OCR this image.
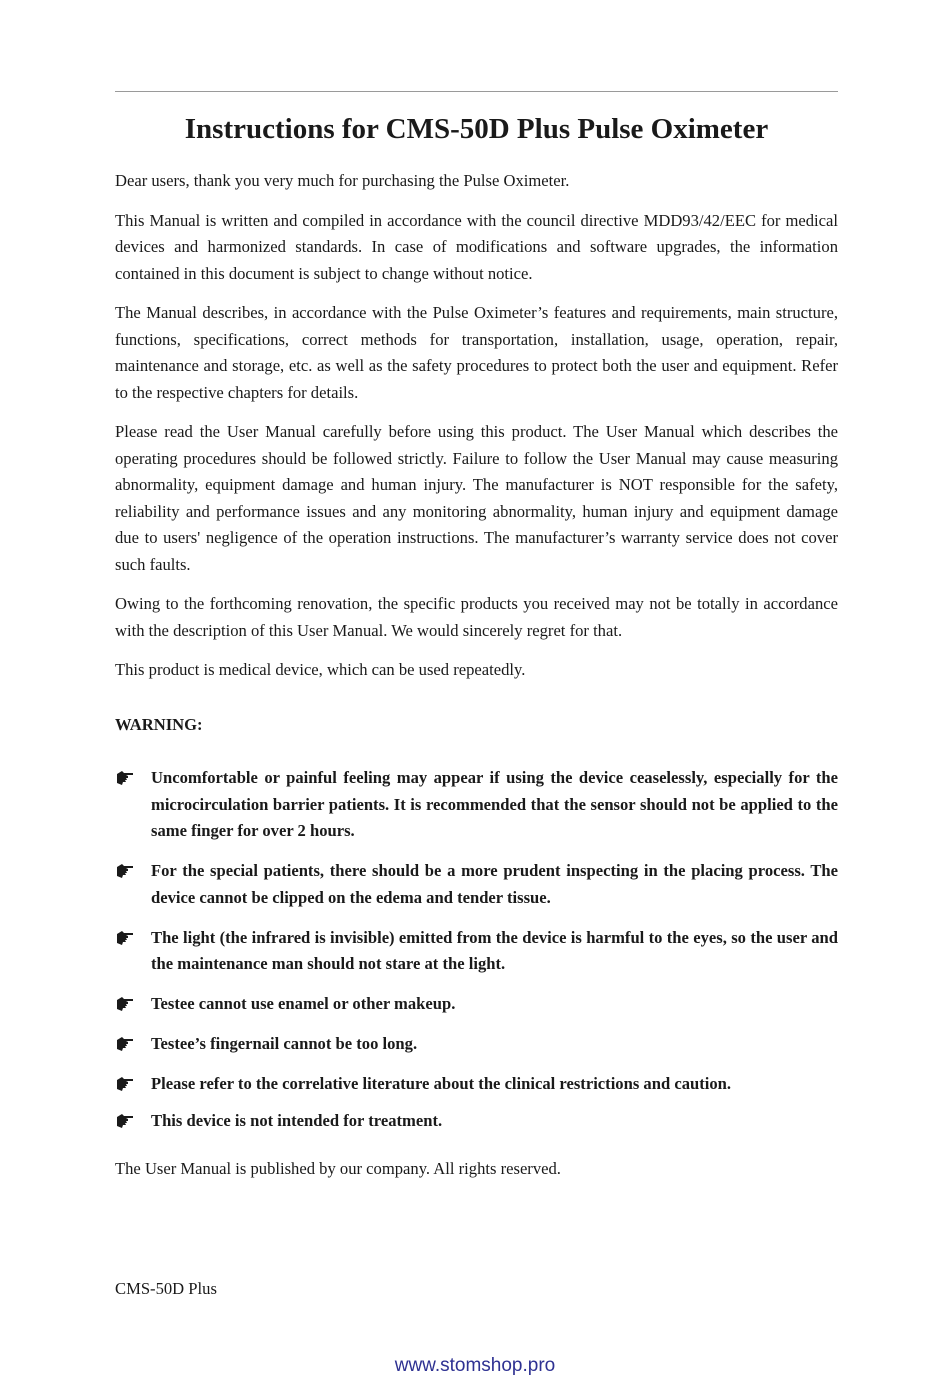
Instructions for CMS-50D Plus Pulse Oximeter

Dear users, thank you very much for purchasing the Pulse Oximeter.

This Manual is written and compiled in accordance with the council directive MDD93/42/EEC for medical devices and harmonized standards. In case of modifications and software upgrades, the information contained in this document is subject to change without notice.

The Manual describes, in accordance with the Pulse Oximeter’s features and requirements, main structure, functions, specifications, correct methods for transportation, installation, usage, operation, repair, maintenance and storage, etc. as well as the safety procedures to protect both the user and equipment. Refer to the respective chapters for details.

Please read the User Manual carefully before using this product. The User Manual which describes the operating procedures should be followed strictly. Failure to follow the User Manual may cause measuring abnormality, equipment damage and human injury. The manufacturer is NOT responsible for the safety, reliability and performance issues and any monitoring abnormality, human injury and equipment damage due to users' negligence of the operation instructions. The manufacturer’s warranty service does not cover such faults.

Owing to the forthcoming renovation, the specific products you received may not be totally in accordance with the description of this User Manual. We would sincerely regret for that.

This product is medical device, which can be used repeatedly.

WARNING:

Uncomfortable or painful feeling may appear if using the device ceaselessly, especially for the microcirculation barrier patients. It is recommended that the sensor should not be applied to the same finger for over 2 hours.
For the special patients, there should be a more prudent inspecting in the placing process. The device cannot be clipped on the edema and tender tissue.
The light (the infrared is invisible) emitted from the device is harmful to the eyes, so the user and the maintenance man should not stare at the light.
Testee cannot use enamel or other makeup.
Testee’s fingernail cannot be too long.
Please refer to the correlative literature about the clinical restrictions and caution.
This device is not intended for treatment.

The User Manual is published by our company. All rights reserved.

CMS-50D Plus

www.stomshop.pro
